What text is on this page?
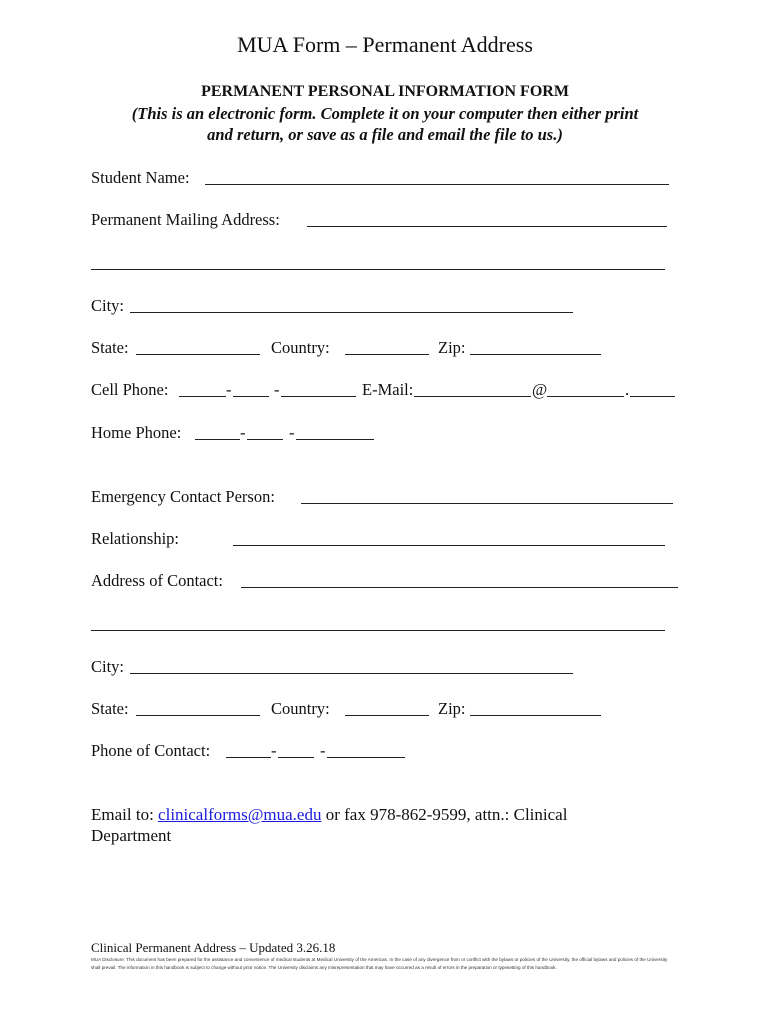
MUA Form – Permanent Address
PERMANENT PERSONAL INFORMATION FORM
(This is an electronic form. Complete it on your computer then either print
and return, or save as a file and email the file to us.)
Student Name:
Permanent Mailing Address:
City:
State:	Country:	Zip:
Cell Phone:	-	-	E-Mail:	@	.
Home Phone:	-	-
Emergency Contact Person:
Relationship:
Address of Contact:
City:
State:	Country:	Zip:
Phone of Contact:	-	-
Email to: clinicalforms@mua.edu or fax 978-862-9599, attn.: Clinical
Department
Clinical Permanent Address – Updated 3.26.18
MUA Disclosure: This document has been prepared for the assistance and convenience of medical students at Medical University of the Americas. In the case of any divergence from or conflict with the bylaws or policies of the University, the official bylaws and policies of the University shall prevail. The information in this handbook is subject to change without prior notice. The University disclaims any misrepresentation that may have occurred as a result of errors in the preparation or typesetting of this handbook.
